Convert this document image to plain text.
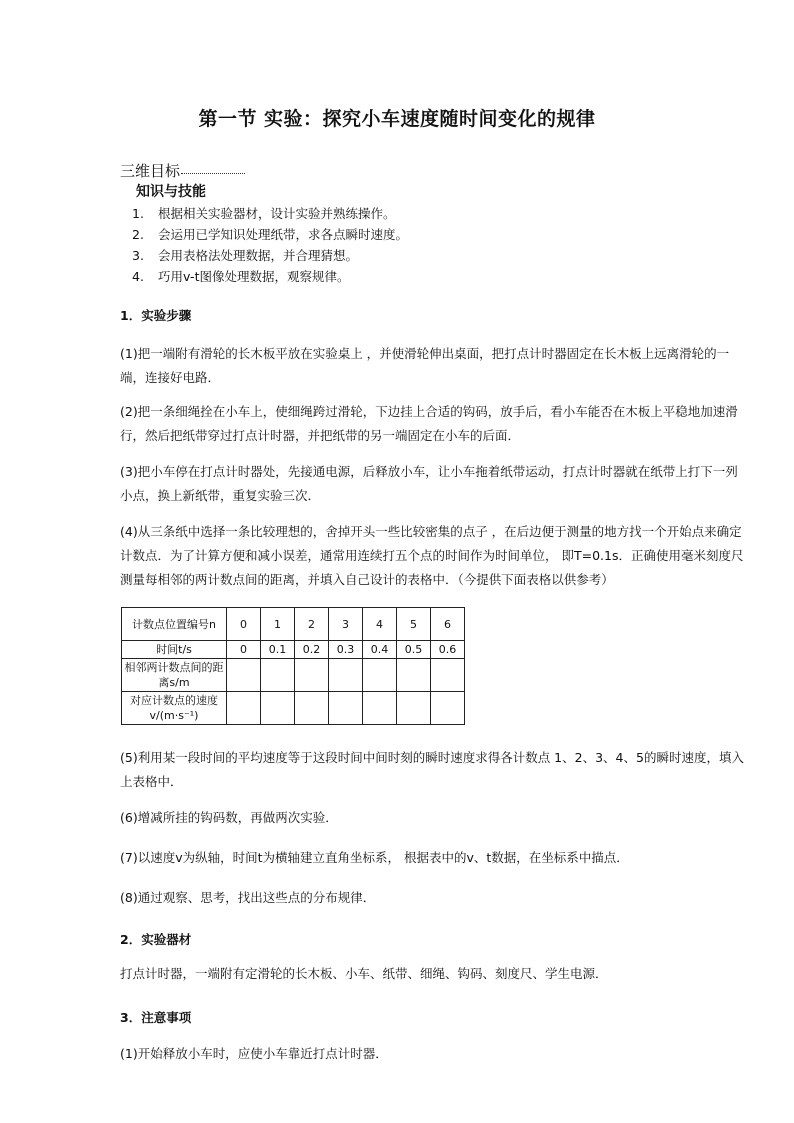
第一节 实验：探究小车速度随时间变化的规律
三维目标
知识与技能
1. 根据相关实验器材，设计实验并熟练操作。
2. 会运用已学知识处理纸带，求各点瞬时速度。
3. 会用表格法处理数据，并合理猜想。
4. 巧用v-t图像处理数据，观察规律。
1．实验步骤
(1)把一端附有滑轮的长木板平放在实验桌上 ，并使滑轮伸出桌面，把打点计时器固定在长木板上远离滑轮的一端，连接好电路．
(2)把一条细绳拴在小车上，使细绳跨过滑轮，下边挂上合适的钩码，放手后，看小车能否在木板上平稳地加速滑行，然后把纸带穿过打点计时器，并把纸带的另一端固定在小车的后面．
(3)把小车停在打点计时器处，先接通电源，后释放小车，让小车拖着纸带运动，打点计时器就在纸带上打下一列小点，换上新纸带，重复实验三次．
(4)从三条纸中选择一条比较理想的，舍掉开头一些比较密集的点子 ，在后边便于测量的地方找一个开始点来确定计数点．为了计算方便和减小误差，通常用连续打五个点的时间作为时间单位， 即T=0.1s．正确使用毫米刻度尺测量每相邻的两计数点间的距离，并填入自己设计的表格中．（今提供下面表格以供参考）
计数点位置编号n	0	1	2	3	4	5	6
时间t/s	0	0.1	0.2	0.3	0.4	0.5	0.6
相邻两计数点间的距离s/m							
对应计数点的速度v/(m·s⁻¹)							
(5)利用某一段时间的平均速度等于这段时间中间时刻的瞬时速度求得各计数点 1、2、3、4、5的瞬时速度，填入上表格中．
(6)增减所挂的钩码数，再做两次实验．
(7)以速度v为纵轴，时间t为横轴建立直角坐标系， 根据表中的v、t数据，在坐标系中描点．
(8)通过观察、思考，找出这些点的分布规律．
2．实验器材
打点计时器，一端附有定滑轮的长木板、小车、纸带、细绳、钩码、刻度尺、学生电源．
3．注意事项
(1)开始释放小车时，应使小车靠近打点计时器．
